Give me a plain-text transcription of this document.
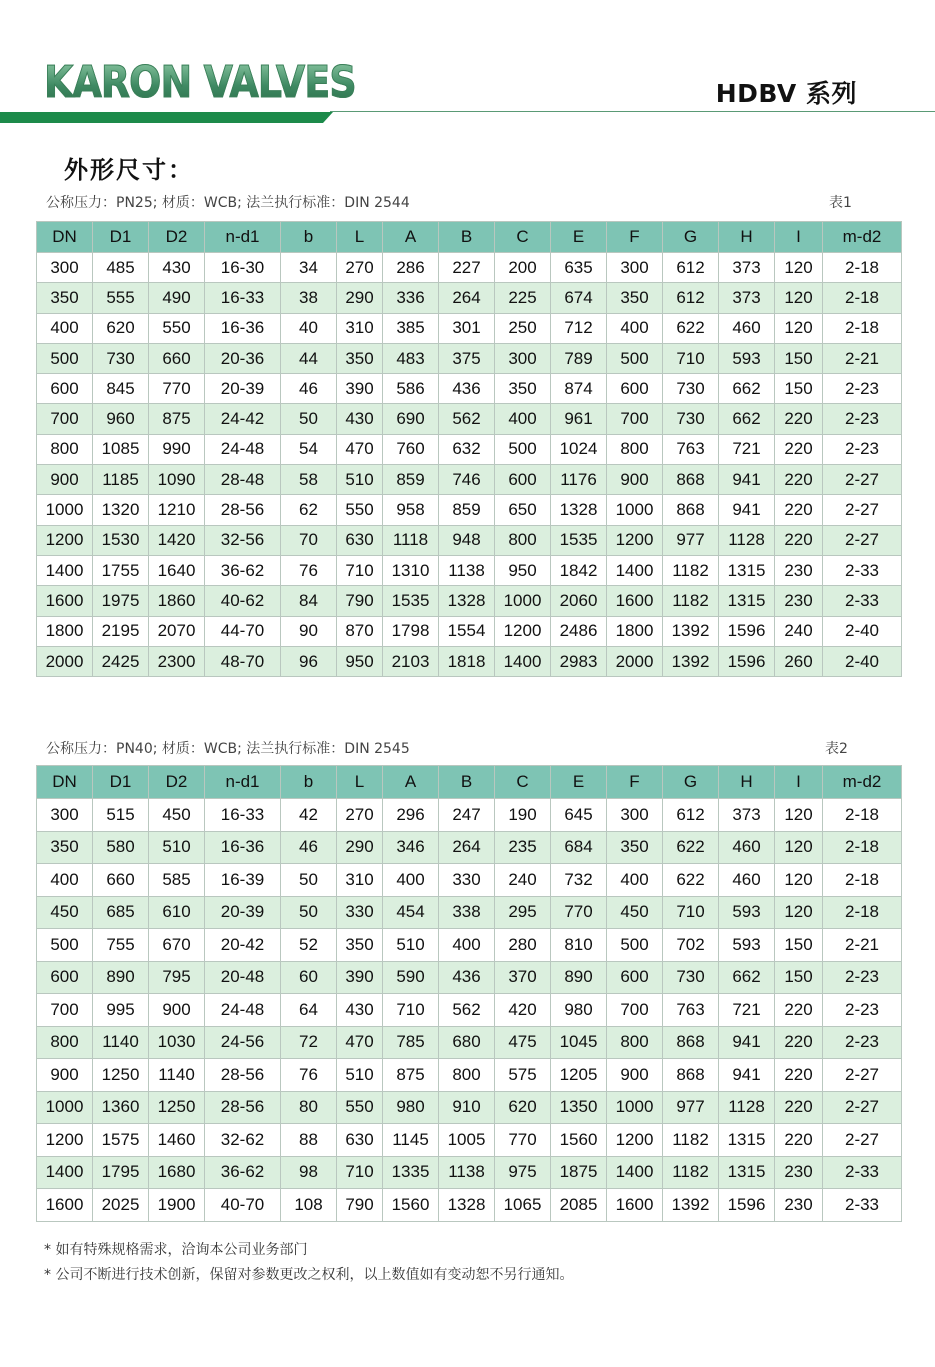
KARON VALVES	HDBV 系列
外形尺寸：
公称压力：PN25; 材质：WCB; 法兰执行标准：DIN 2544	表1
DN	D1	D2	n-d1	b	L	A	B	C	E	F	G	H	I	m-d2
300	485	430	16-30	34	270	286	227	200	635	300	612	373	120	2-18
350	555	490	16-33	38	290	336	264	225	674	350	612	373	120	2-18
400	620	550	16-36	40	310	385	301	250	712	400	622	460	120	2-18
500	730	660	20-36	44	350	483	375	300	789	500	710	593	150	2-21
600	845	770	20-39	46	390	586	436	350	874	600	730	662	150	2-23
700	960	875	24-42	50	430	690	562	400	961	700	730	662	220	2-23
800	1085	990	24-48	54	470	760	632	500	1024	800	763	721	220	2-23
900	1185	1090	28-48	58	510	859	746	600	1176	900	868	941	220	2-27
1000	1320	1210	28-56	62	550	958	859	650	1328	1000	868	941	220	2-27
1200	1530	1420	32-56	70	630	1118	948	800	1535	1200	977	1128	220	2-27
1400	1755	1640	36-62	76	710	1310	1138	950	1842	1400	1182	1315	230	2-33
1600	1975	1860	40-62	84	790	1535	1328	1000	2060	1600	1182	1315	230	2-33
1800	2195	2070	44-70	90	870	1798	1554	1200	2486	1800	1392	1596	240	2-40
2000	2425	2300	48-70	96	950	2103	1818	1400	2983	2000	1392	1596	260	2-40
公称压力：PN40; 材质：WCB; 法兰执行标准：DIN 2545	表2
DN	D1	D2	n-d1	b	L	A	B	C	E	F	G	H	I	m-d2
300	515	450	16-33	42	270	296	247	190	645	300	612	373	120	2-18
350	580	510	16-36	46	290	346	264	235	684	350	622	460	120	2-18
400	660	585	16-39	50	310	400	330	240	732	400	622	460	120	2-18
450	685	610	20-39	50	330	454	338	295	770	450	710	593	120	2-18
500	755	670	20-42	52	350	510	400	280	810	500	702	593	150	2-21
600	890	795	20-48	60	390	590	436	370	890	600	730	662	150	2-23
700	995	900	24-48	64	430	710	562	420	980	700	763	721	220	2-23
800	1140	1030	24-56	72	470	785	680	475	1045	800	868	941	220	2-23
900	1250	1140	28-56	76	510	875	800	575	1205	900	868	941	220	2-27
1000	1360	1250	28-56	80	550	980	910	620	1350	1000	977	1128	220	2-27
1200	1575	1460	32-62	88	630	1145	1005	770	1560	1200	1182	1315	220	2-27
1400	1795	1680	36-62	98	710	1335	1138	975	1875	1400	1182	1315	230	2-33
1600	2025	1900	40-70	108	790	1560	1328	1065	2085	1600	1392	1596	230	2-33
* 如有特殊规格需求，洽询本公司业务部门
* 公司不断进行技术创新，保留对参数更改之权利，以上数值如有变动恕不另行通知。
